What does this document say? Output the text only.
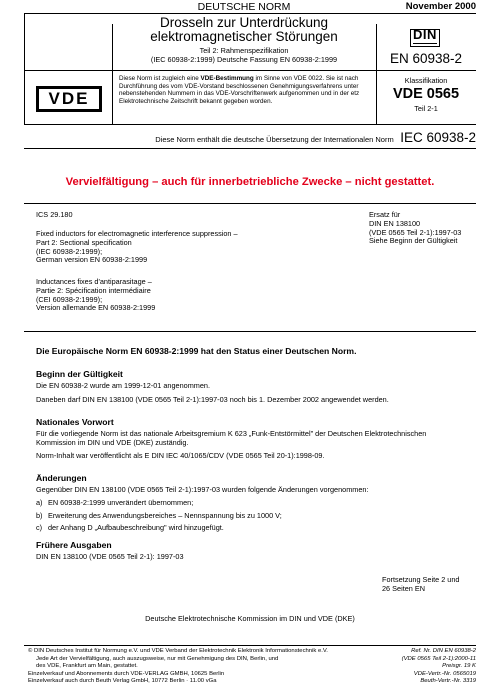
DEUTSCHE NORM	November 2000
Drosseln zur Unterdrückung
elektromagnetischer Störungen
Teil 2: Rahmenspezifikation
(IEC 60938-2:1999) Deutsche Fassung EN 60938-2:1999
DIN
EN 60938-2
VDE
Diese Norm ist zugleich eine VDE-Bestimmung im Sinne von VDE 0022. Sie ist nach
Durchführung des vom VDE-Vorstand beschlossenen Genehmigungsverfahrens unter
nebenstehenden Nummern in das VDE-Vorschriftenwerk aufgenommen und in der etz
Elektrotechnische Zeitschrift bekannt gegeben worden.
Klassifikation
VDE 0565
Teil 2-1
Diese Norm enthält die deutsche Übersetzung der Internationalen Norm IEC 60938-2
Vervielfältigung – auch für innerbetriebliche Zwecke – nicht gestattet.
ICS 29.180
Fixed inductors for electromagnetic interference suppression –
Part 2: Sectional specification
(IEC 60938-2:1999);
German version EN 60938-2:1999
Inductances fixes d'antiparasitage –
Partie 2: Spécification intermédiaire
(CEI 60938-2:1999);
Version allemande EN 60938-2:1999
Ersatz für
DIN EN 138100
(VDE 0565 Teil 2-1):1997-03
Siehe Beginn der Gültigkeit
Die Europäische Norm EN 60938-2:1999 hat den Status einer Deutschen Norm.
Beginn der Gültigkeit
Die EN 60938-2 wurde am 1999-12-01 angenommen.
Daneben darf DIN EN 138100 (VDE 0565 Teil 2-1):1997-03 noch bis 1. Dezember 2002 angewendet werden.
Nationales Vorwort
Für die vorliegende Norm ist das nationale Arbeitsgremium K 623 „Funk-Entstörmittel" der Deutschen Elektrotechnischen
Kommission im DIN und VDE (DKE) zuständig.
Norm-Inhalt war veröffentlicht als E DIN IEC 40/1065/CDV (VDE 0565 Teil 20-1):1998-09.
Änderungen
Gegenüber DIN EN 138100 (VDE 0565 Teil 2-1):1997-03 wurden folgende Änderungen vorgenommen:
a) EN 60938-2:1999 unverändert übernommen;
b) Erweiterung des Anwendungsbereiches – Nennspannung bis zu 1000 V;
c) der Anhang D „Aufbaubeschreibung" wird hinzugefügt.
Frühere Ausgaben
DIN EN 138100 (VDE 0565 Teil 2-1): 1997-03
Fortsetzung Seite 2 und
26 Seiten EN
Deutsche Elektrotechnische Kommission im DIN und VDE (DKE)
© DIN Deutsches Institut für Normung e.V. und VDE Verband der Elektrotechnik Elektronik Informationstechnik e.V.
Jede Art der Vervielfältigung, auch auszugsweise, nur mit Genehmigung des DIN, Berlin, und
des VDE, Frankfurt am Main, gestattet.
Einzelverkauf und Abonnements durch VDE-VERLAG GMBH, 10625 Berlin
Einzelverkauf auch durch Beuth Verlag GmbH, 10772 Berlin · 11.00 vGa
Ref. Nr. DIN EN 60938-2
(VDE 0565 Teil 2-1):2000-11
Preisgr. 19 K
VDE-Vertr.-Nr. 0565019
Beuth-Vertr.-Nr. 3319
